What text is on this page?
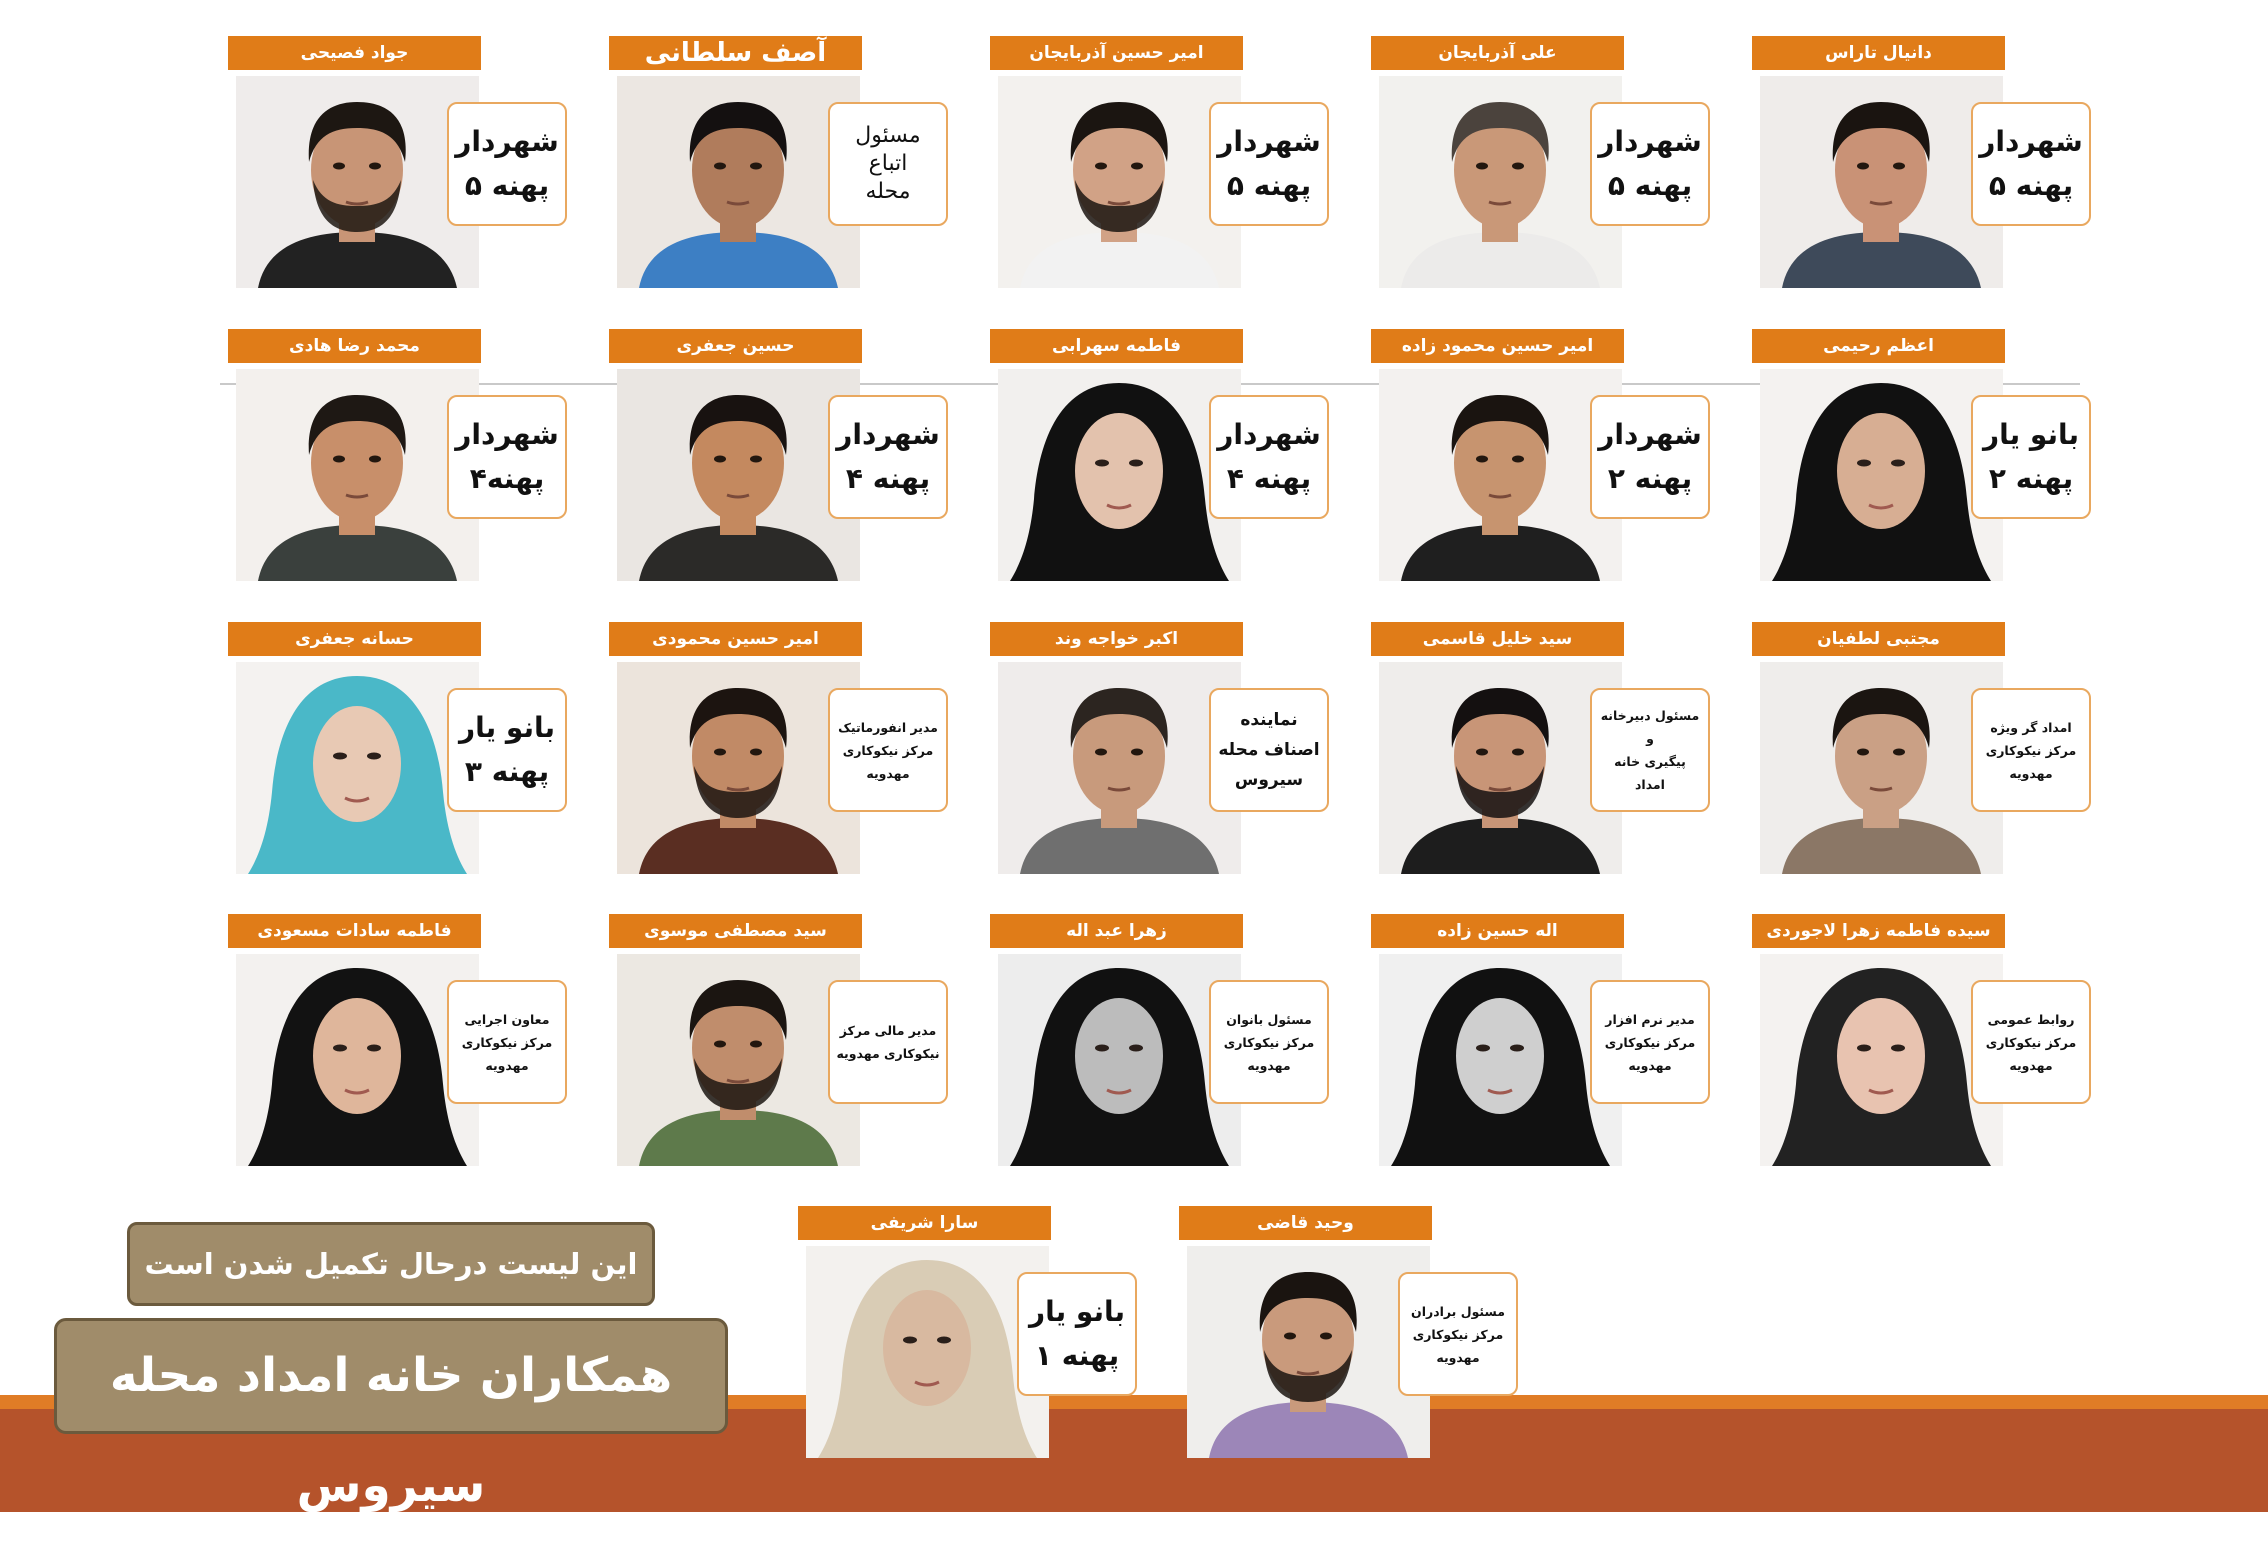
جواد فصیحی
شهردار
پهنه ۵
آصف سلطانی
مسئول
اتباع
محله
امیر حسین آذربایجان
شهردار
پهنه ۵
علی آذربایجان
شهردار
پهنه ۵
دانیال تاراس
شهردار
پهنه ۵
محمد رضا هادی
شهردار
پهنه۴
حسین جعفری
شهردار
پهنه ۴
فاطمه سهرابی
شهردار
پهنه ۴
امیر حسین محمود زاده
شهردار
پهنه ۲
اعظم رحیمی
بانو یار
پهنه ۲
حسانه جعفری
بانو یار
پهنه ۳
امیر حسین محمودی
مدیر انفورماتیک
مرکز نیکوکاری
مهدویه
اکبر خواجه وند
نماینده
اصناف محله
سیروس
سید خلیل قاسمی
مسئول دبیرخانه و
پیگیری خانه امداد
مجتبی لطفیان
امداد گر ویژه
مرکز نیکوکاری
مهدویه
فاطمه سادات مسعودی
معاون اجرایی
مرکز نیکوکاری
مهدویه
سید مصطفی موسوی
مدیر مالی مرکز
نیکوکاری مهدویه
زهرا عبد اله
مسئول بانوان
مرکز نیکوکاری
مهدویه
اله حسین زاده
مدیر نرم افزار
مرکز نیکوکاری
مهدویه
سیده فاطمه زهرا لاجوردی
روابط عمومی
مرکز نیکوکاری
مهدویه
سارا شریفی
بانو یار
پهنه ۱
وحید قاضی
مسئول برادران
مرکز نیکوکاری
مهدویه
این لیست درحال تکمیل شدن است
همکاران خانه امداد محله سیروس
